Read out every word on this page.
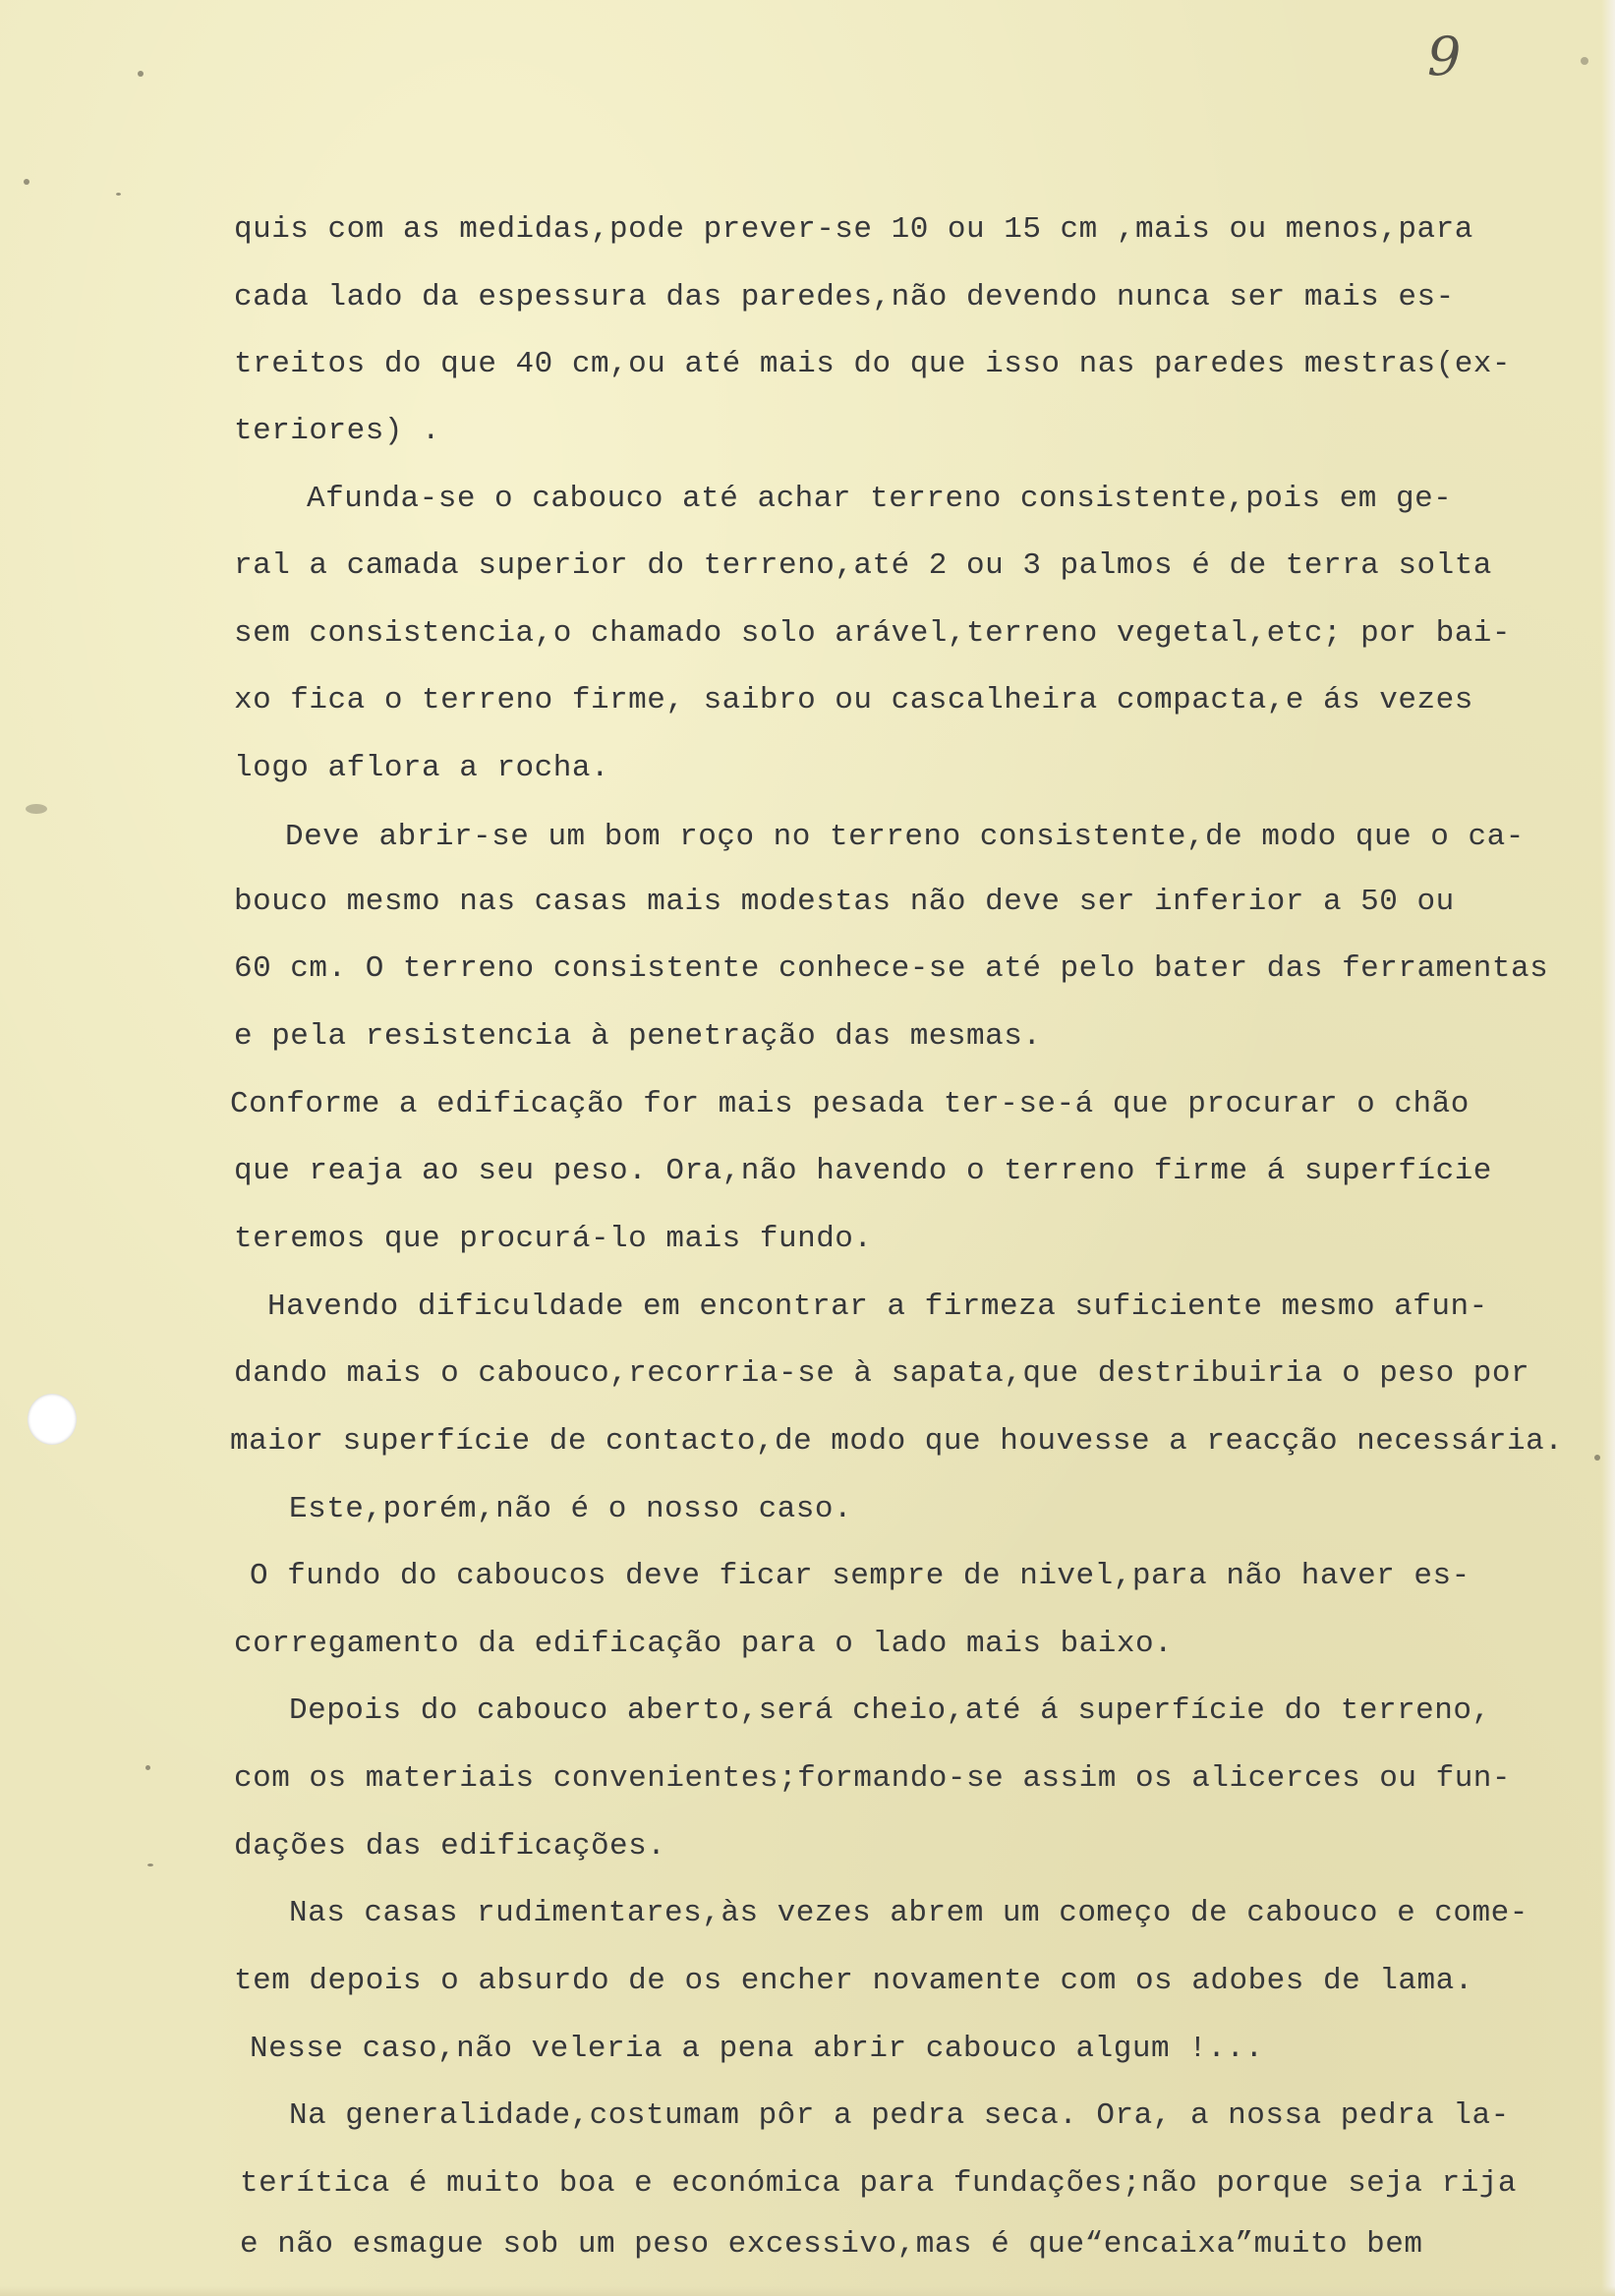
9
quis com as medidas,pode prever-se 10 ou 15 cm ,mais ou menos,para
cada lado da espessura das paredes,não devendo nunca ser mais es-
treitos do que 40 cm,ou até mais do que isso nas paredes mestras(ex-
teriores) .
Afunda-se o cabouco até achar terreno consistente,pois em ge-
ral a camada superior do terreno,até 2 ou 3 palmos é de terra solta
sem consistencia,o chamado solo arável,terreno vegetal,etc; por bai-
xo fica o terreno firme, saibro ou cascalheira compacta,e ás vezes
logo aflora a rocha.
Deve abrir-se um bom roço no terreno consistente,de modo que o ca-
bouco mesmo nas casas mais modestas não deve ser inferior a 50 ou
60 cm. O terreno consistente conhece-se até pelo bater das ferramentas
e pela resistencia à penetração das mesmas.
Conforme a edificação for mais pesada ter-se-á que procurar o chão
que reaja ao seu peso. Ora,não havendo o terreno firme á superfície
teremos que procurá-lo mais fundo.
Havendo dificuldade em encontrar a firmeza suficiente mesmo afun-
dando mais o cabouco,recorria-se à sapata,que destribuiria o peso por
maior superfície de contacto,de modo que houvesse a reacção necessária.
Este,porém,não é o nosso caso.
O fundo do caboucos deve ficar sempre de nivel,para não haver es-
corregamento da edificação para o lado mais baixo.
Depois do cabouco aberto,será cheio,até á superfície do terreno,
com os materiais convenientes;formando-se assim os alicerces ou fun-
dações das edificações.
Nas casas rudimentares,às vezes abrem um começo de cabouco e come-
tem depois o absurdo de os encher novamente com os adobes de lama.
Nesse caso,não veleria a pena abrir cabouco algum !...
Na generalidade,costumam pôr a pedra seca. Ora, a nossa pedra la-
terítica é muito boa e económica para fundações;não porque seja rija
e não esmague sob um peso excessivo,mas é que“encaixa”muito bem
